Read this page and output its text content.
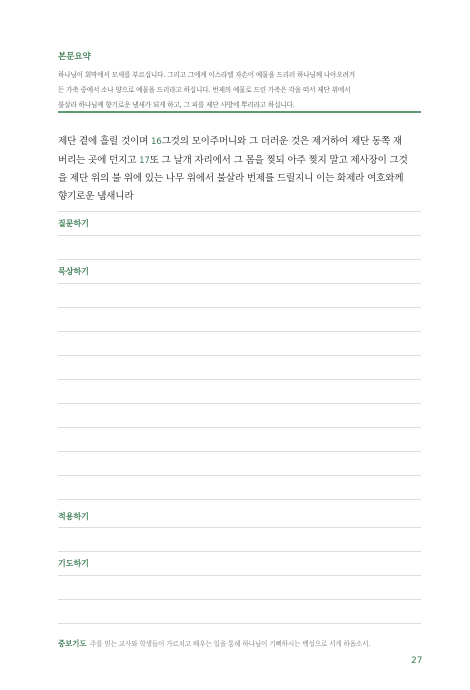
본문요약
하나님이 회막에서 모세를 부르십니다. 그리고 그에게 이스라엘 자손이 예물을 드리러 하나님께 나아오려거
든 가축 중에서 소나 양으로 예물을 드리라고 하십니다. 번제의 예물로 드린 가축은 각을 떠서 제단 위에서
불살라 하나님께 향기로운 냄새가 되게 하고, 그 피를 제단 사방에 뿌리라고 하십니다.
제단 곁에 흘릴 것이며 16그것의 모이주머니와 그 더러운 것은 제거하여 제단 동쪽 재
버리는 곳에 던지고 17또 그 날개 자리에서 그 몸을 찢되 아주 찢지 말고 제사장이 그것
을 제단 위의 불 위에 있는 나무 위에서 불살라 번제를 드릴지니 이는 화제라 여호와께
향기로운 냄새니라
질문하기
묵상하기
적용하기
기도하기
중보기도 주를 믿는 교사와 학생들이 가르치고 배우는 일을 통해 하나님이 기뻐하시는 백성으로 서게 하옵소서.
27
